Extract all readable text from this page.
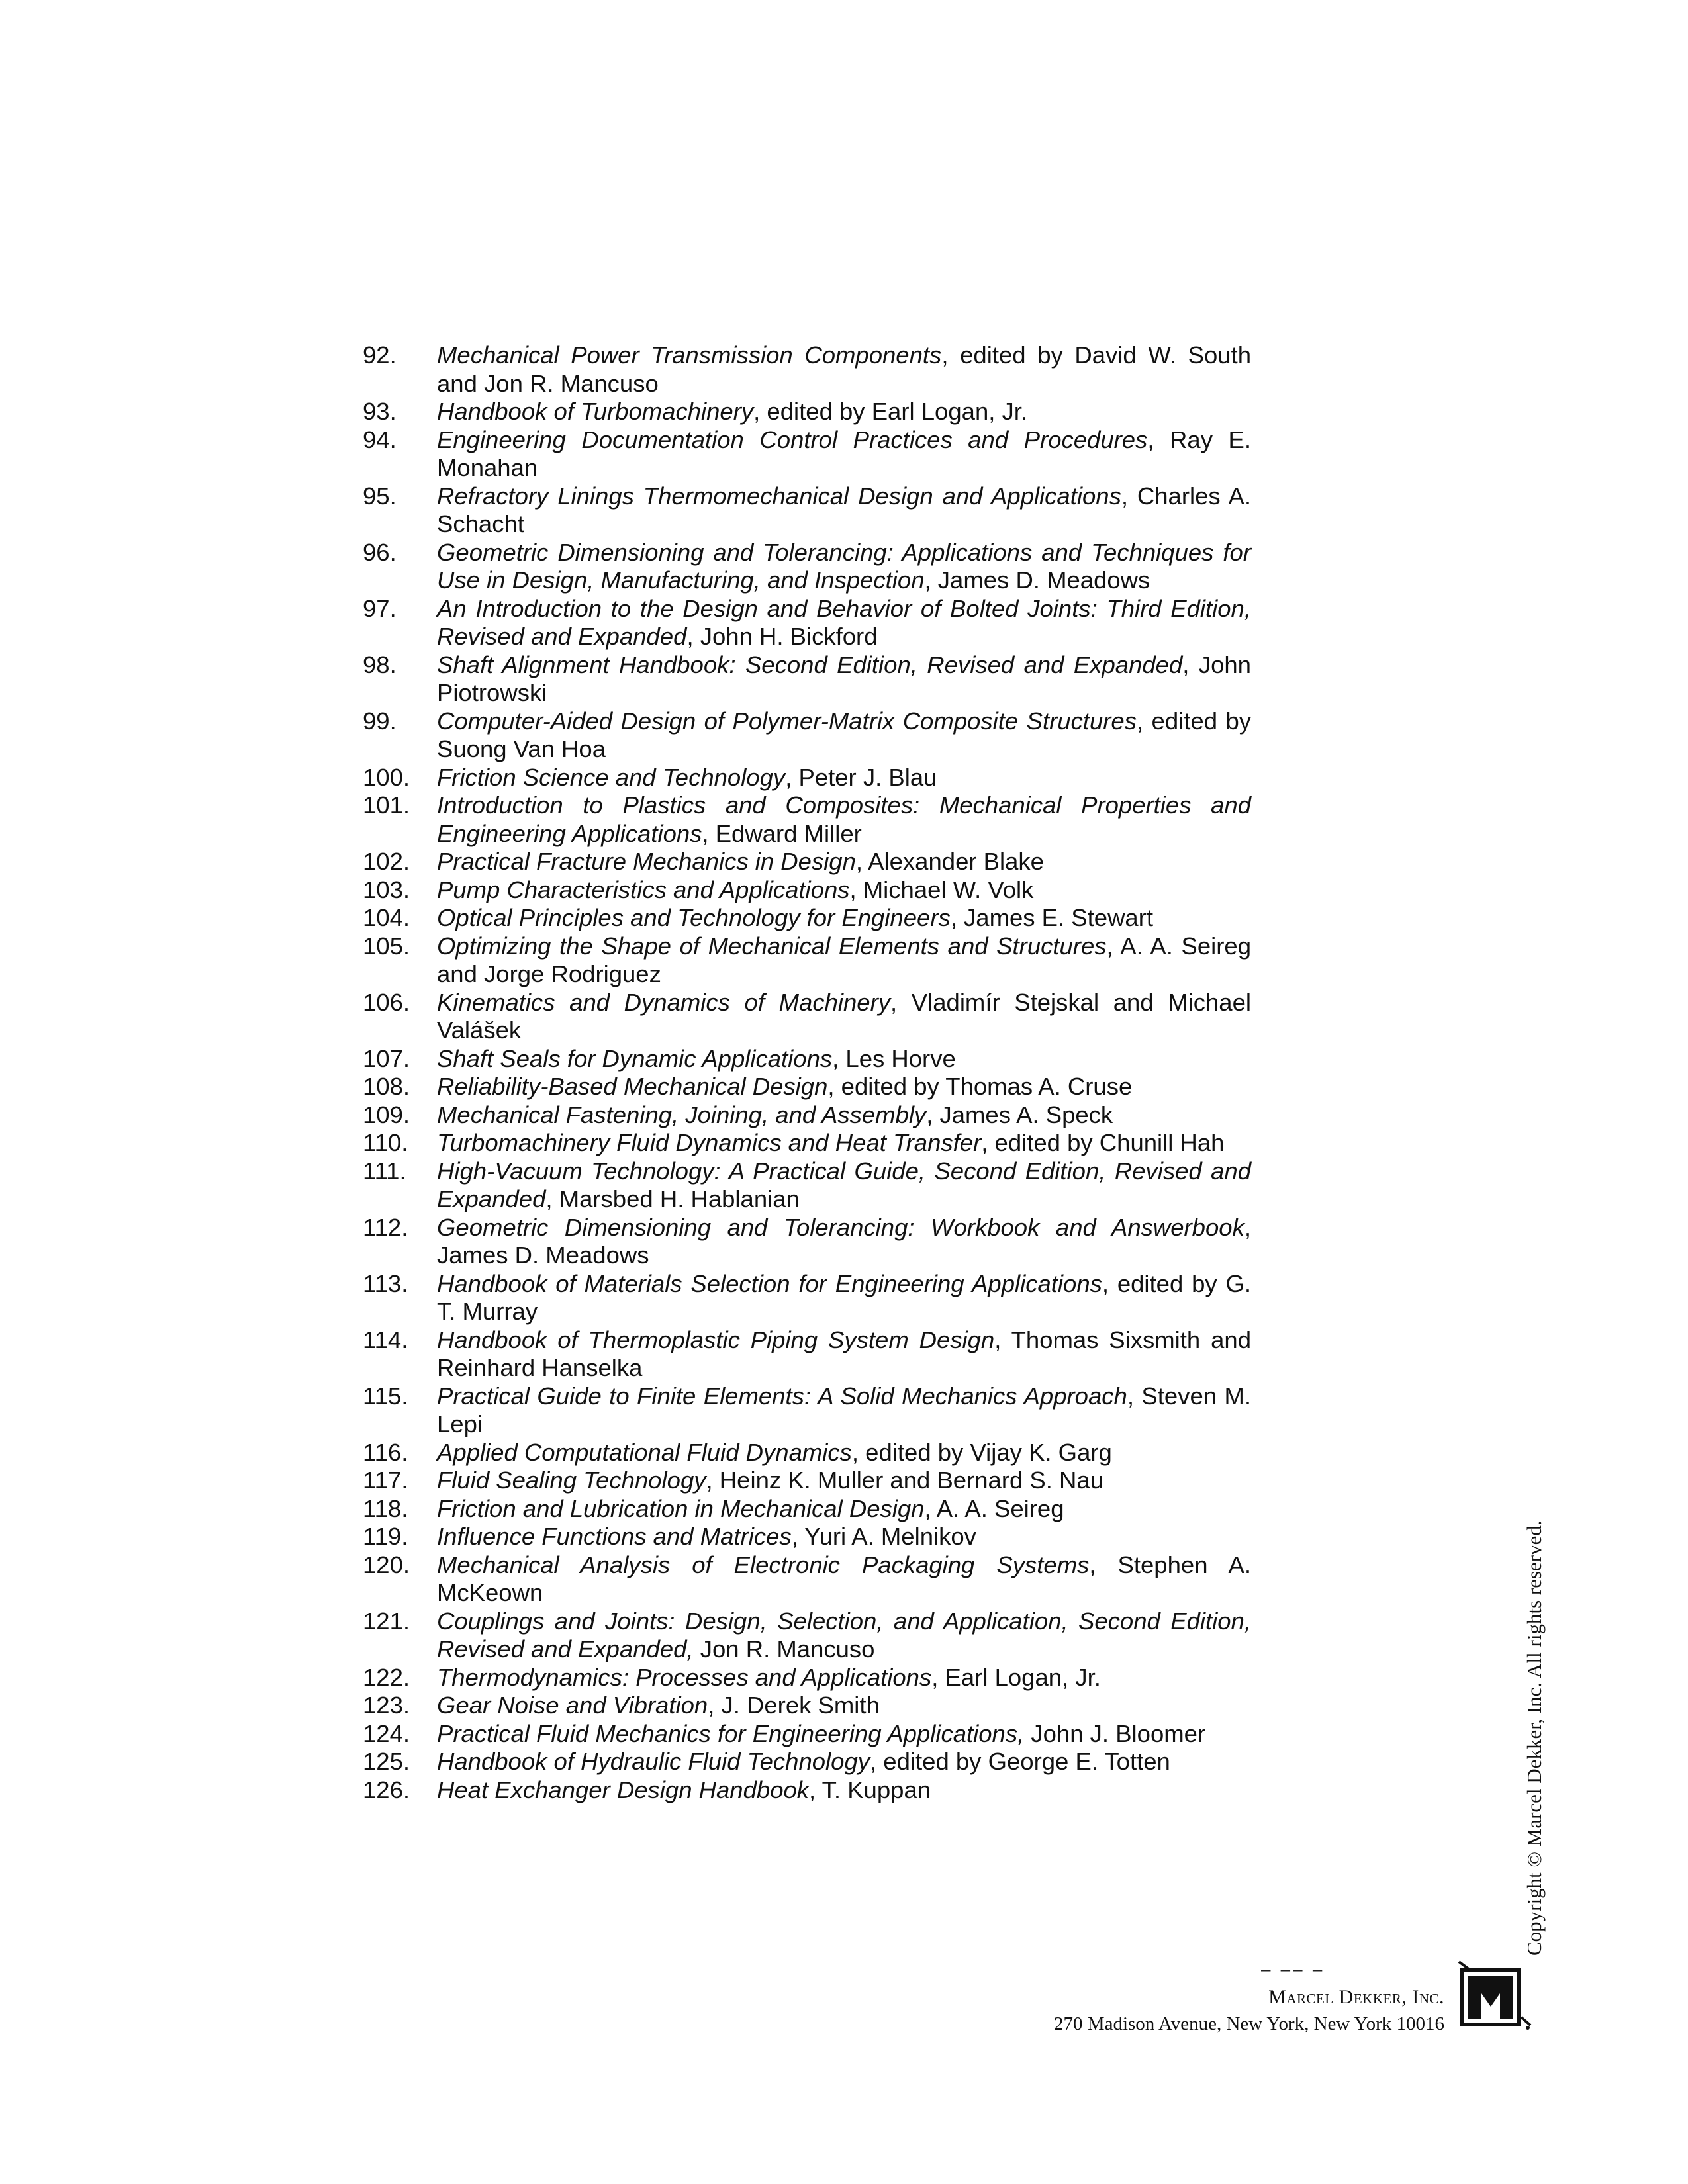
92.	Mechanical Power Transmission Components, edited by David W. South and Jon R. Mancuso
93.	Handbook of Turbomachinery, edited by Earl Logan, Jr.
94.	Engineering Documentation Control Practices and Procedures, Ray E. Monahan
95.	Refractory Linings Thermomechanical Design and Applications, Charles A. Schacht
96.	Geometric Dimensioning and Tolerancing: Applications and Techniques for Use in Design, Manufacturing, and Inspection, James D. Meadows
97.	An Introduction to the Design and Behavior of Bolted Joints: Third Edition, Revised and Expanded, John H. Bickford
98.	Shaft Alignment Handbook: Second Edition, Revised and Expanded, John Piotrowski
99.	Computer-Aided Design of Polymer-Matrix Composite Structures, edited by Suong Van Hoa
100.	Friction Science and Technology, Peter J. Blau
101.	Introduction to Plastics and Composites: Mechanical Properties and Engineering Applications, Edward Miller
102.	Practical Fracture Mechanics in Design, Alexander Blake
103.	Pump Characteristics and Applications, Michael W. Volk
104.	Optical Principles and Technology for Engineers, James E. Stewart
105.	Optimizing the Shape of Mechanical Elements and Structures, A. A. Seireg and Jorge Rodriguez
106.	Kinematics and Dynamics of Machinery, Vladimír Stejskal and Michael Valášek
107.	Shaft Seals for Dynamic Applications, Les Horve
108.	Reliability-Based Mechanical Design, edited by Thomas A. Cruse
109.	Mechanical Fastening, Joining, and Assembly, James A. Speck
110.	Turbomachinery Fluid Dynamics and Heat Transfer, edited by Chunill Hah
111.	High-Vacuum Technology: A Practical Guide, Second Edition, Revised and Expanded, Marsbed H. Hablanian
112.	Geometric Dimensioning and Tolerancing: Workbook and Answerbook, James D. Meadows
113.	Handbook of Materials Selection for Engineering Applications, edited by G. T. Murray
114.	Handbook of Thermoplastic Piping System Design, Thomas Sixsmith and Reinhard Hanselka
115.	Practical Guide to Finite Elements: A Solid Mechanics Approach, Steven M. Lepi
116.	Applied Computational Fluid Dynamics, edited by Vijay K. Garg
117.	Fluid Sealing Technology, Heinz K. Muller and Bernard S. Nau
118.	Friction and Lubrication in Mechanical Design, A. A. Seireg
119.	Influence Functions and Matrices, Yuri A. Melnikov
120.	Mechanical Analysis of Electronic Packaging Systems, Stephen A. McKeown
121.	Couplings and Joints: Design, Selection, and Application, Second Edition, Revised and Expanded, Jon R. Mancuso
122.	Thermodynamics: Processes and Applications, Earl Logan, Jr.
123.	Gear Noise and Vibration, J. Derek Smith
124.	Practical Fluid Mechanics for Engineering Applications, John J. Bloomer
125.	Handbook of Hydraulic Fluid Technology, edited by George E. Totten
126.	Heat Exchanger Design Handbook, T. Kuppan
– –– –
Marcel Dekker, Inc.
270 Madison Avenue, New York, New York 10016
Copyright © Marcel Dekker, Inc. All rights reserved.
